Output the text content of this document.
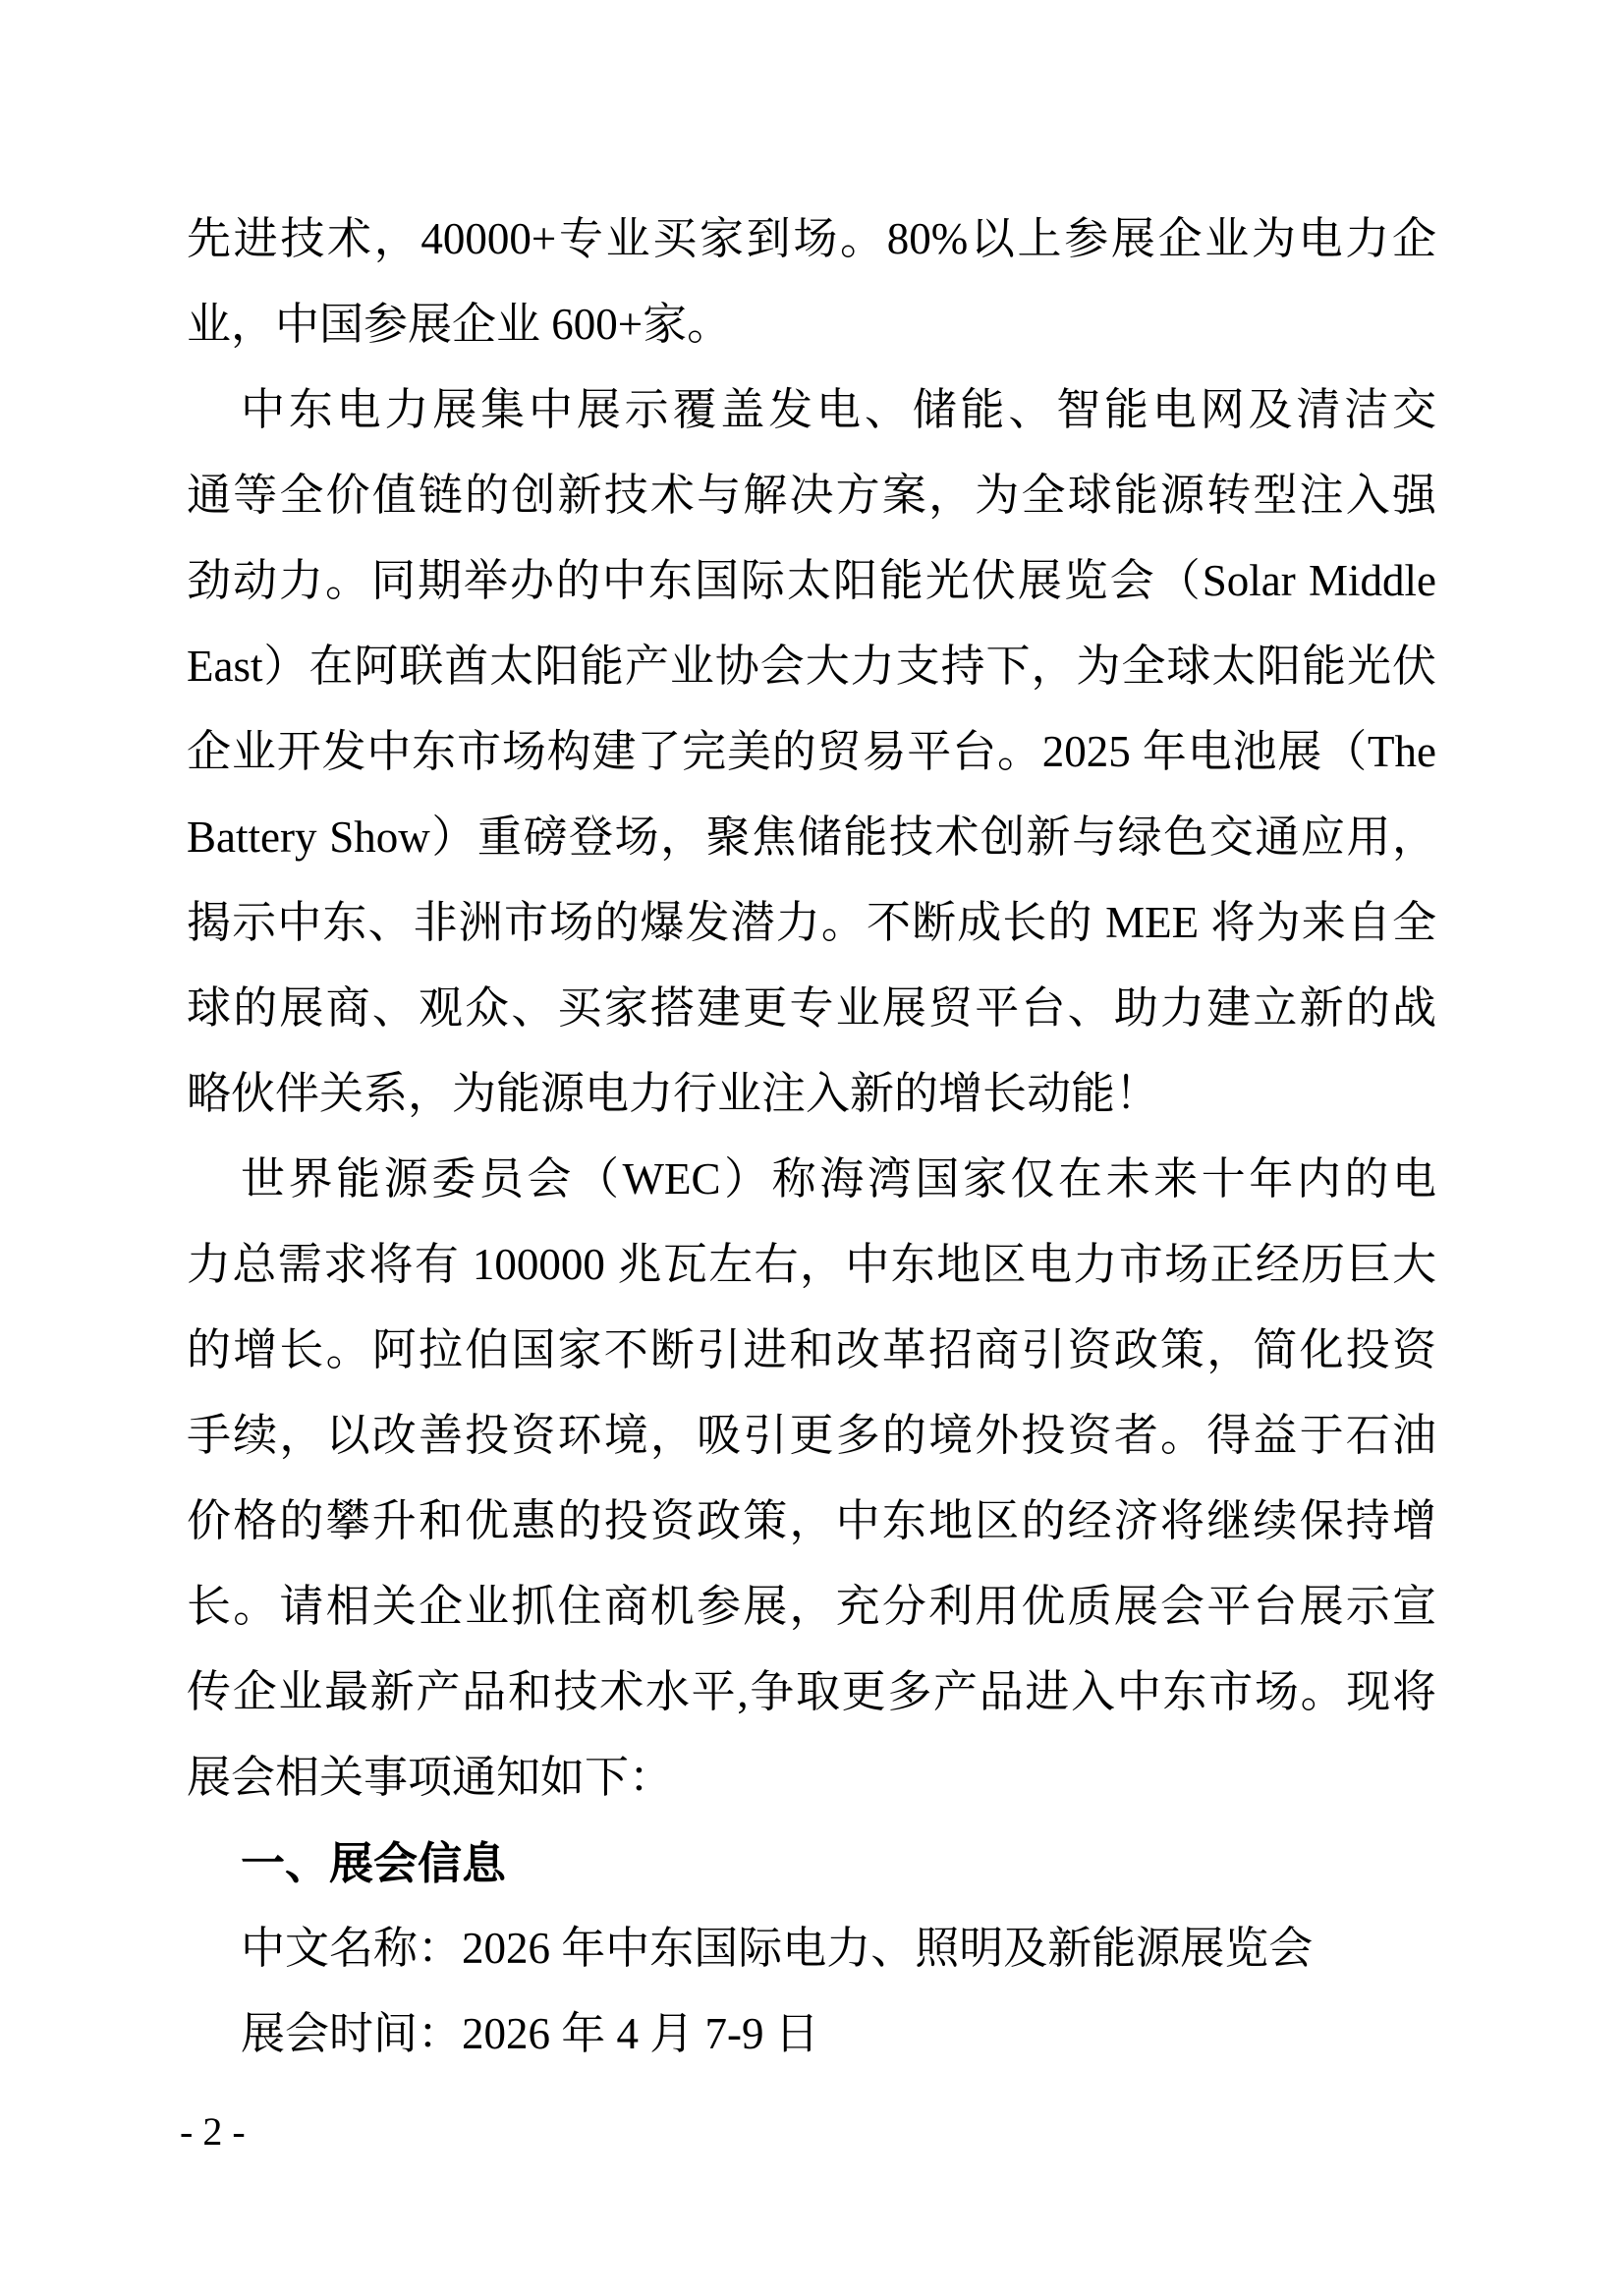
先进技术，40000+专业买家到场。80%以上参展企业为电力企
业，中国参展企业 600+家。
中东电力展集中展示覆盖发电、储能、智能电网及清洁交
通等全价值链的创新技术与解决方案，为全球能源转型注入强
劲动力。同期举办的中东国际太阳能光伏展览会（Solar Middle
East）在阿联酋太阳能产业协会大力支持下，为全球太阳能光伏
企业开发中东市场构建了完美的贸易平台。2025 年电池展（The
Battery Show）重磅登场，聚焦储能技术创新与绿色交通应用，
揭示中东、非洲市场的爆发潜力。不断成长的 MEE 将为来自全
球的展商、观众、买家搭建更专业展贸平台、助力建立新的战
略伙伴关系，为能源电力行业注入新的增长动能！
世界能源委员会（WEC）称海湾国家仅在未来十年内的电
力总需求将有 100000 兆瓦左右，中东地区电力市场正经历巨大
的增长。阿拉伯国家不断引进和改革招商引资政策，简化投资
手续，以改善投资环境，吸引更多的境外投资者。得益于石油
价格的攀升和优惠的投资政策，中东地区的经济将继续保持增
长。请相关企业抓住商机参展，充分利用优质展会平台展示宣
传企业最新产品和技术水平,争取更多产品进入中东市场。现将
展会相关事项通知如下：
一、展会信息
中文名称：2026 年中东国际电力、照明及新能源展览会
展会时间：2026 年 4 月 7-9 日
- 2 -
